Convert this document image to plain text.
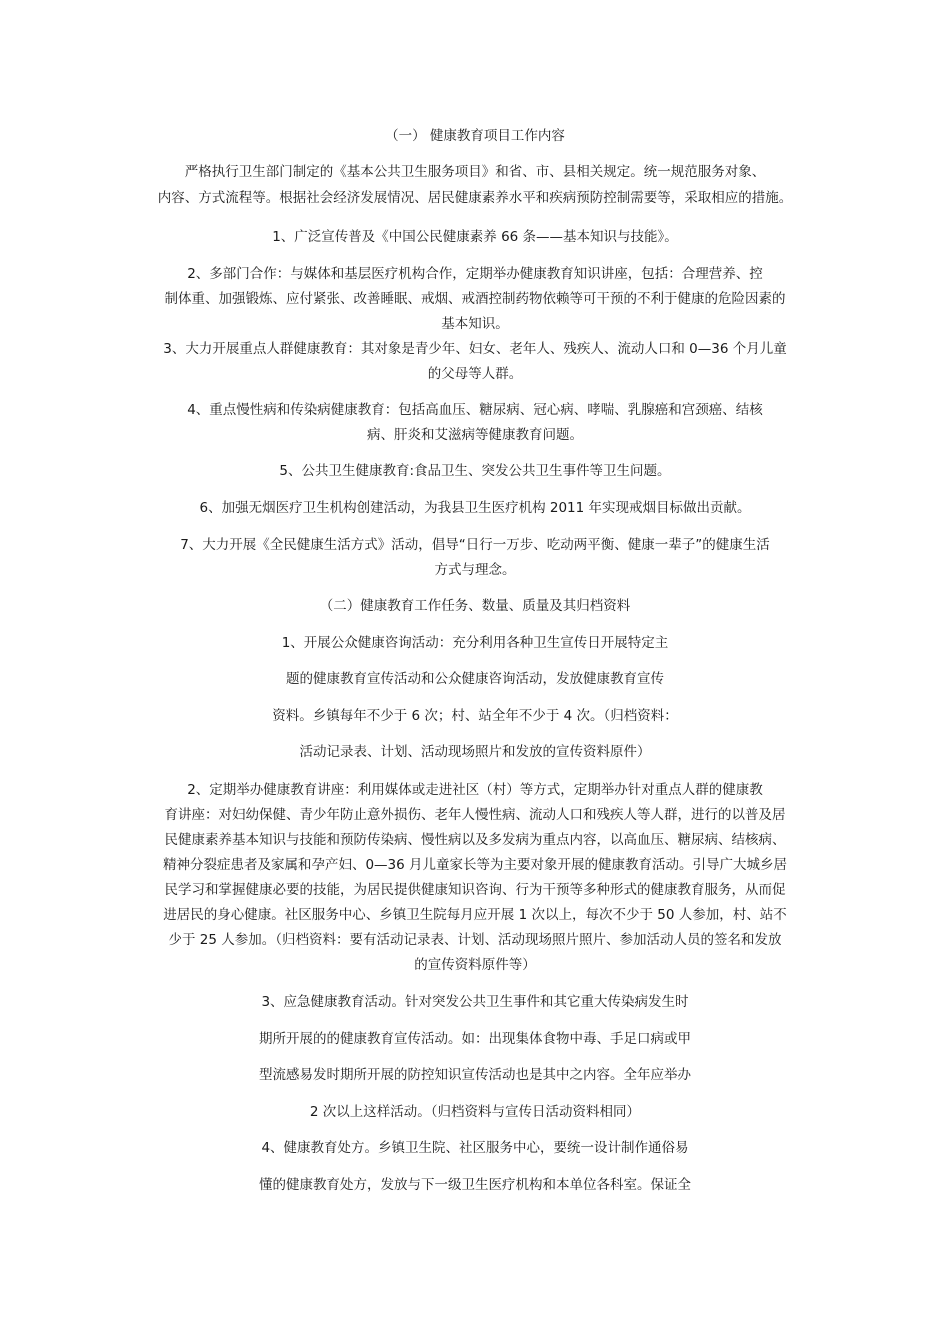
（一） 健康教育项目工作内容
严格执行卫生部门制定的《基本公共卫生服务项目》和省、市、县相关规定。统一规范服务对象、
内容、方式流程等。根据社会经济发展情况、居民健康素养水平和疾病预防控制需要等，采取相应的措施。
1、广泛宣传普及《中国公民健康素养 66 条——基本知识与技能》。
2、多部门合作：与媒体和基层医疗机构合作，定期举办健康教育知识讲座，包括：合理营养、控
制体重、加强锻炼、应付紧张、改善睡眠、戒烟、戒酒控制药物依赖等可干预的不利于健康的危险因素的
基本知识。
3、大力开展重点人群健康教育：其对象是青少年、妇女、老年人、残疾人、流动人口和 0—36 个月儿童
的父母等人群。
4、重点慢性病和传染病健康教育：包括高血压、糖尿病、冠心病、哮喘、乳腺癌和宫颈癌、结核
病、肝炎和艾滋病等健康教育问题。
5、公共卫生健康教育:食品卫生、突发公共卫生事件等卫生问题。
6、加强无烟医疗卫生机构创建活动，为我县卫生医疗机构 2011 年实现戒烟目标做出贡献。
7、大力开展《全民健康生活方式》活动，倡导“日行一万步、吃动两平衡、健康一辈子”的健康生活
方式与理念。
（二）健康教育工作任务、数量、质量及其归档资料
1、开展公众健康咨询活动：充分利用各种卫生宣传日开展特定主
题的健康教育宣传活动和公众健康咨询活动，发放健康教育宣传
资料。乡镇每年不少于 6 次；村、站全年不少于 4 次。（归档资料：
活动记录表、计划、活动现场照片和发放的宣传资料原件）
2、定期举办健康教育讲座：利用媒体或走进社区（村）等方式，定期举办针对重点人群的健康教
育讲座：对妇幼保健、青少年防止意外损伤、老年人慢性病、流动人口和残疾人等人群，进行的以普及居
民健康素养基本知识与技能和预防传染病、慢性病以及多发病为重点内容，以高血压、糖尿病、结核病、
精神分裂症患者及家属和孕产妇、0—36 月儿童家长等为主要对象开展的健康教育活动。引导广大城乡居
民学习和掌握健康必要的技能，为居民提供健康知识咨询、行为干预等多种形式的健康教育服务，从而促
进居民的身心健康。社区服务中心、乡镇卫生院每月应开展 1 次以上，每次不少于 50 人参加，村、站不
少于 25 人参加。（归档资料：要有活动记录表、计划、活动现场照片照片、参加活动人员的签名和发放
的宣传资料原件等）
3、应急健康教育活动。针对突发公共卫生事件和其它重大传染病发生时
期所开展的的健康教育宣传活动。如：出现集体食物中毒、手足口病或甲
型流感易发时期所开展的防控知识宣传活动也是其中之内容。全年应举办
2 次以上这样活动。（归档资料与宣传日活动资料相同）
4、健康教育处方。乡镇卫生院、社区服务中心，要统一设计制作通俗易
懂的健康教育处方，发放与下一级卫生医疗机构和本单位各科室。保证全
